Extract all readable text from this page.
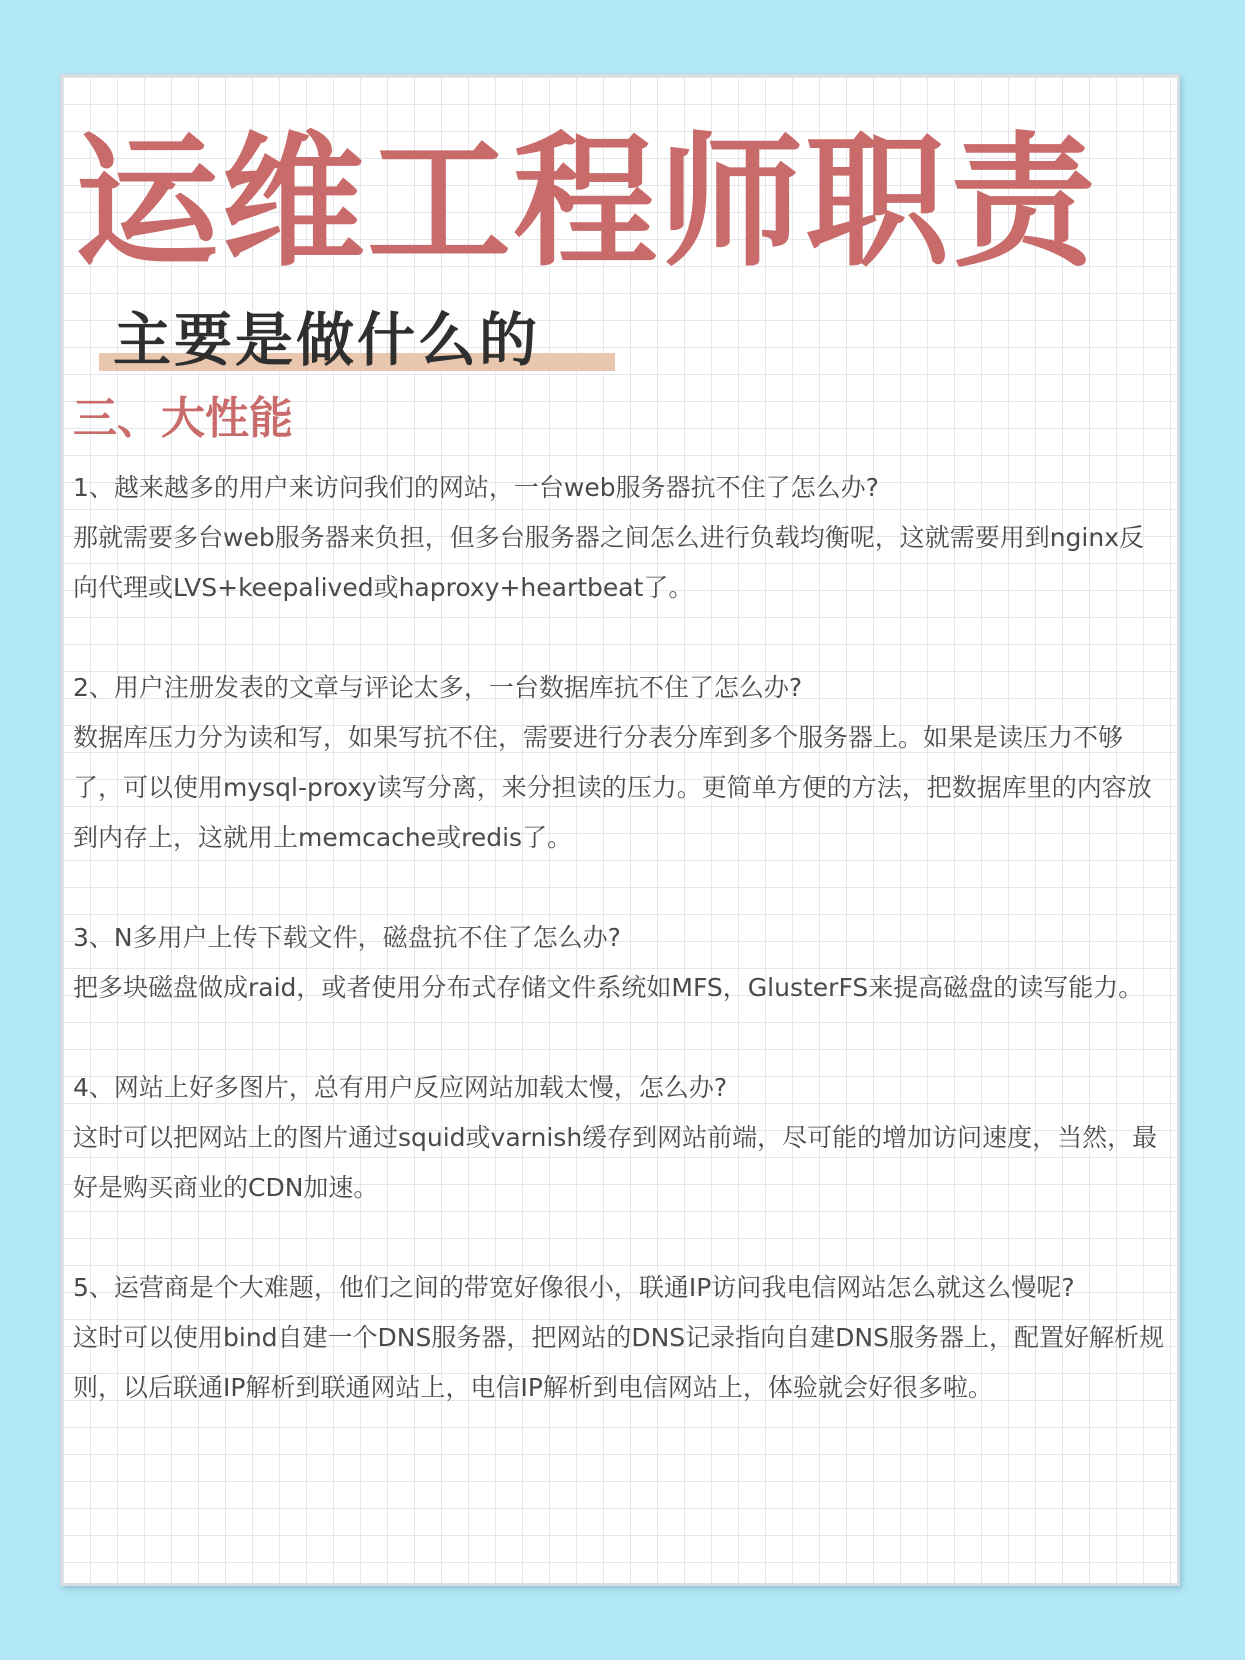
运维工程师职责
主要是做什么的
三、大性能

1、越来越多的用户来访问我们的网站，一台web服务器抗不住了怎么办?

那就需要多台web服务器来负担，但多台服务器之间怎么进行负载均衡呢，这就需要用到nginx反向代理或LVS+keepalived或haproxy+heartbeat了。

2、用户注册发表的文章与评论太多，一台数据库抗不住了怎么办?

数据库压力分为读和写，如果写抗不住，需要进行分表分库到多个服务器上。如果是读压力不够了，可以使用mysql-proxy读写分离，来分担读的压力。更简单方便的方法，把数据库里的内容放到内存上，这就用上memcache或redis了。

3、N多用户上传下载文件，磁盘抗不住了怎么办?

把多块磁盘做成raid，或者使用分布式存储文件系统如MFS，GlusterFS来提高磁盘的读写能力。

4、网站上好多图片，总有用户反应网站加载太慢，怎么办?

这时可以把网站上的图片通过squid或varnish缓存到网站前端，尽可能的增加访问速度，当然，最好是购买商业的CDN加速。

5、运营商是个大难题，他们之间的带宽好像很小，联通IP访问我电信网站怎么就这么慢呢?

这时可以使用bind自建一个DNS服务器，把网站的DNS记录指向自建DNS服务器上，配置好解析规则，以后联通IP解析到联通网站上，电信IP解析到电信网站上，体验就会好很多啦。
